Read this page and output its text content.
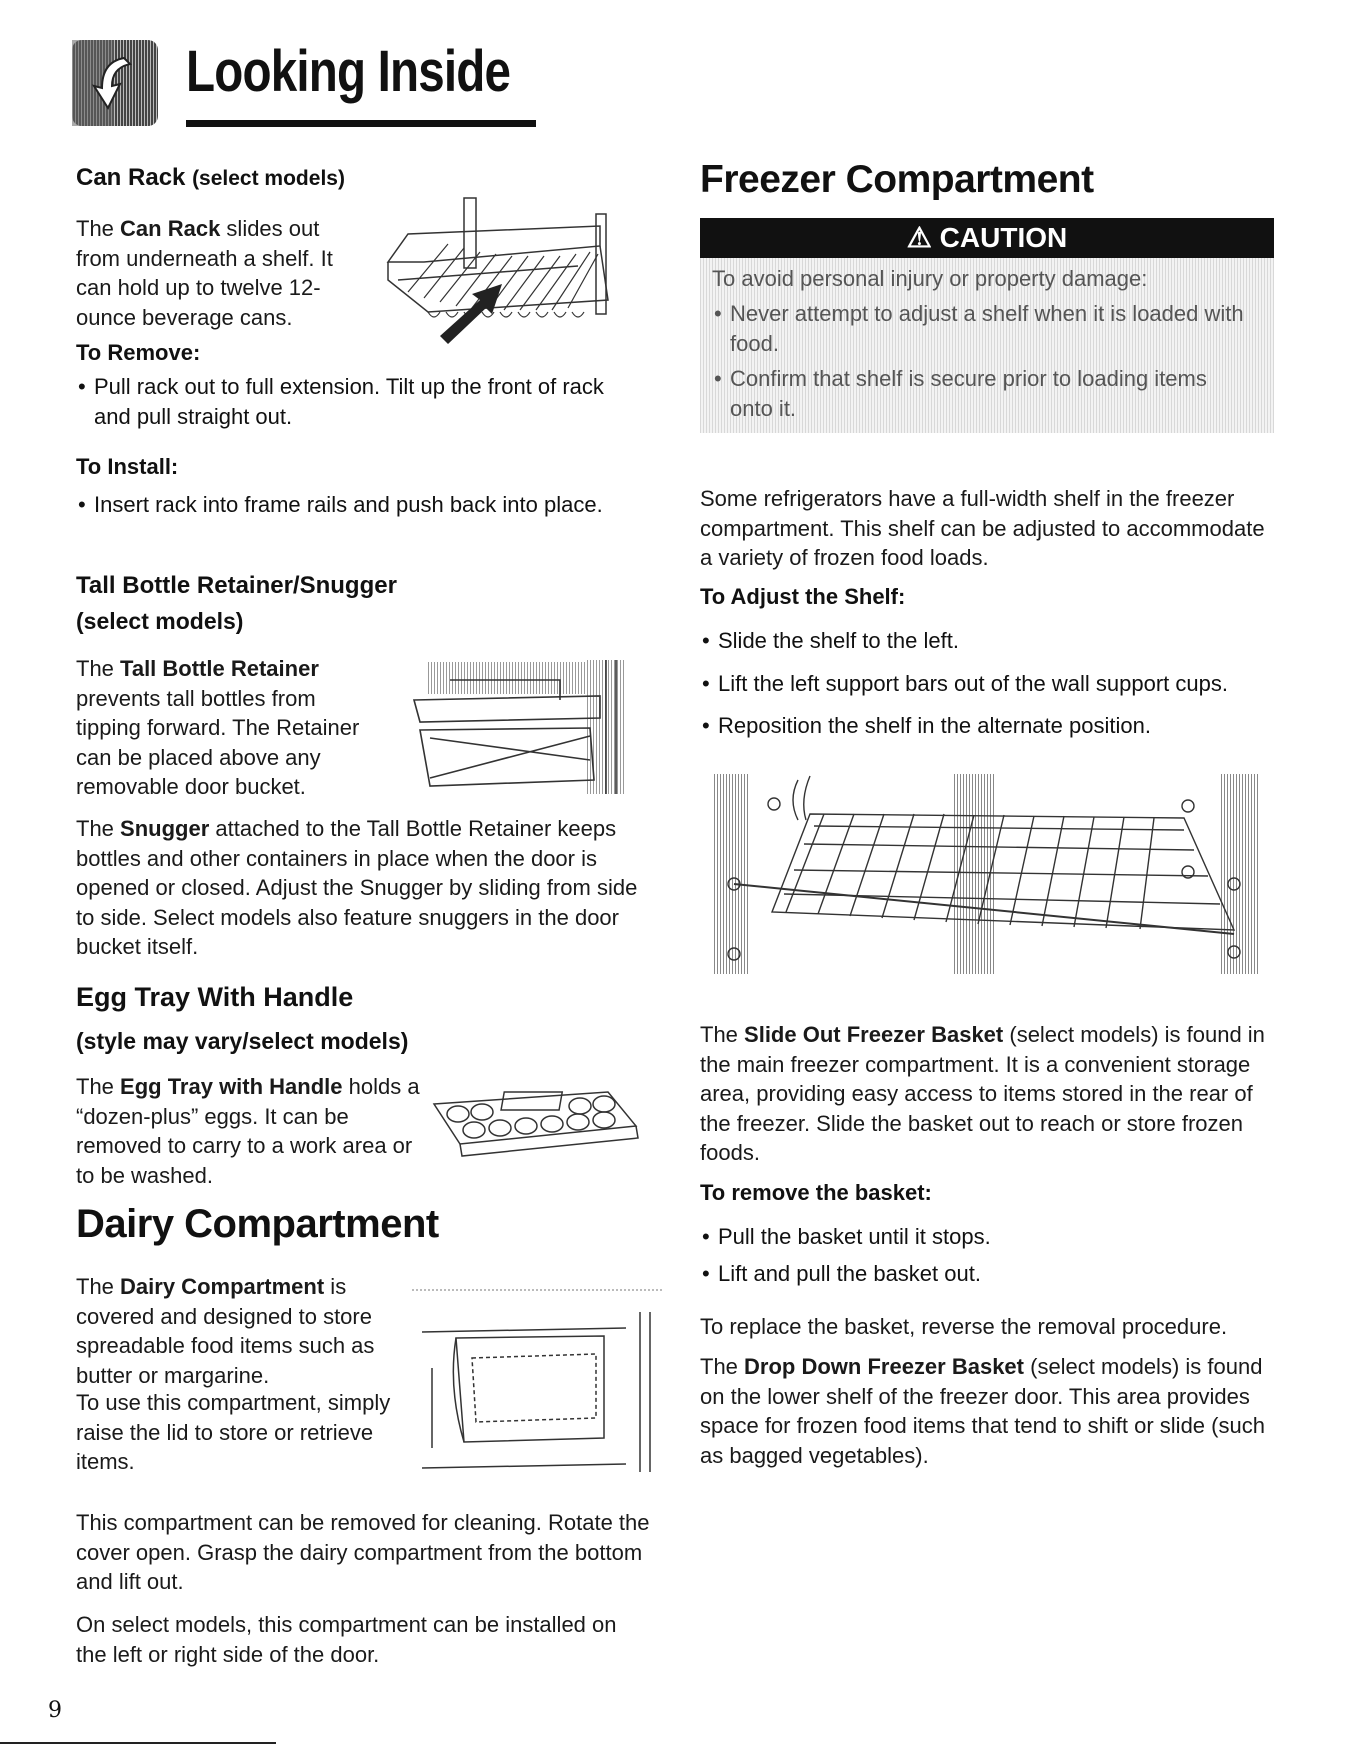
Looking Inside
Can Rack (select models)

The Can Rack slides out from underneath a shelf. It can hold up to twelve 12-ounce beverage cans.

To Remove:
• Pull rack out to full extension. Tilt up the front of rack and pull straight out.
To Install:
• Insert rack into frame rails and push back into place.
Tall Bottle Retainer/Snugger
(select models)

The Tall Bottle Retainer prevents tall bottles from tipping forward. The Retainer can be placed above any removable door bucket.

The Snugger attached to the Tall Bottle Retainer keeps bottles and other containers in place when the door is opened or closed. Adjust the Snugger by sliding from side to side. Select models also feature snuggers in the door bucket itself.

Egg Tray With Handle
(style may vary/select models)

The Egg Tray with Handle holds a “dozen-plus” eggs. It can be removed to carry to a work area or to be washed.

Dairy Compartment

The Dairy Compartment is covered and designed to store spreadable food items such as butter or margarine.

To use this compartment, simply raise the lid to store or retrieve items.

This compartment can be removed for cleaning. Rotate the cover open. Grasp the dairy compartment from the bottom and lift out.

On select models, this compartment can be installed on the left or right side of the door.

Freezer Compartment
⚠ CAUTION
To avoid personal injury or property damage:
• Never attempt to adjust a shelf when it is loaded with food.
• Confirm that shelf is secure prior to loading items onto it.

Some refrigerators have a full-width shelf in the freezer compartment. This shelf can be adjusted to accommodate a variety of frozen food loads.

To Adjust the Shelf:
• Slide the shelf to the left.
• Lift the left support bars out of the wall support cups.
• Reposition the shelf in the alternate position.

The Slide Out Freezer Basket (select models) is found in the main freezer compartment. It is a convenient storage area, providing easy access to items stored in the rear of the freezer. Slide the basket out to reach or store frozen foods.

To remove the basket:
• Pull the basket until it stops.
• Lift and pull the basket out.

To replace the basket, reverse the removal procedure.

The Drop Down Freezer Basket (select models) is found on the lower shelf of the freezer door. This area provides space for frozen food items that tend to shift or slide (such as bagged vegetables).

9
